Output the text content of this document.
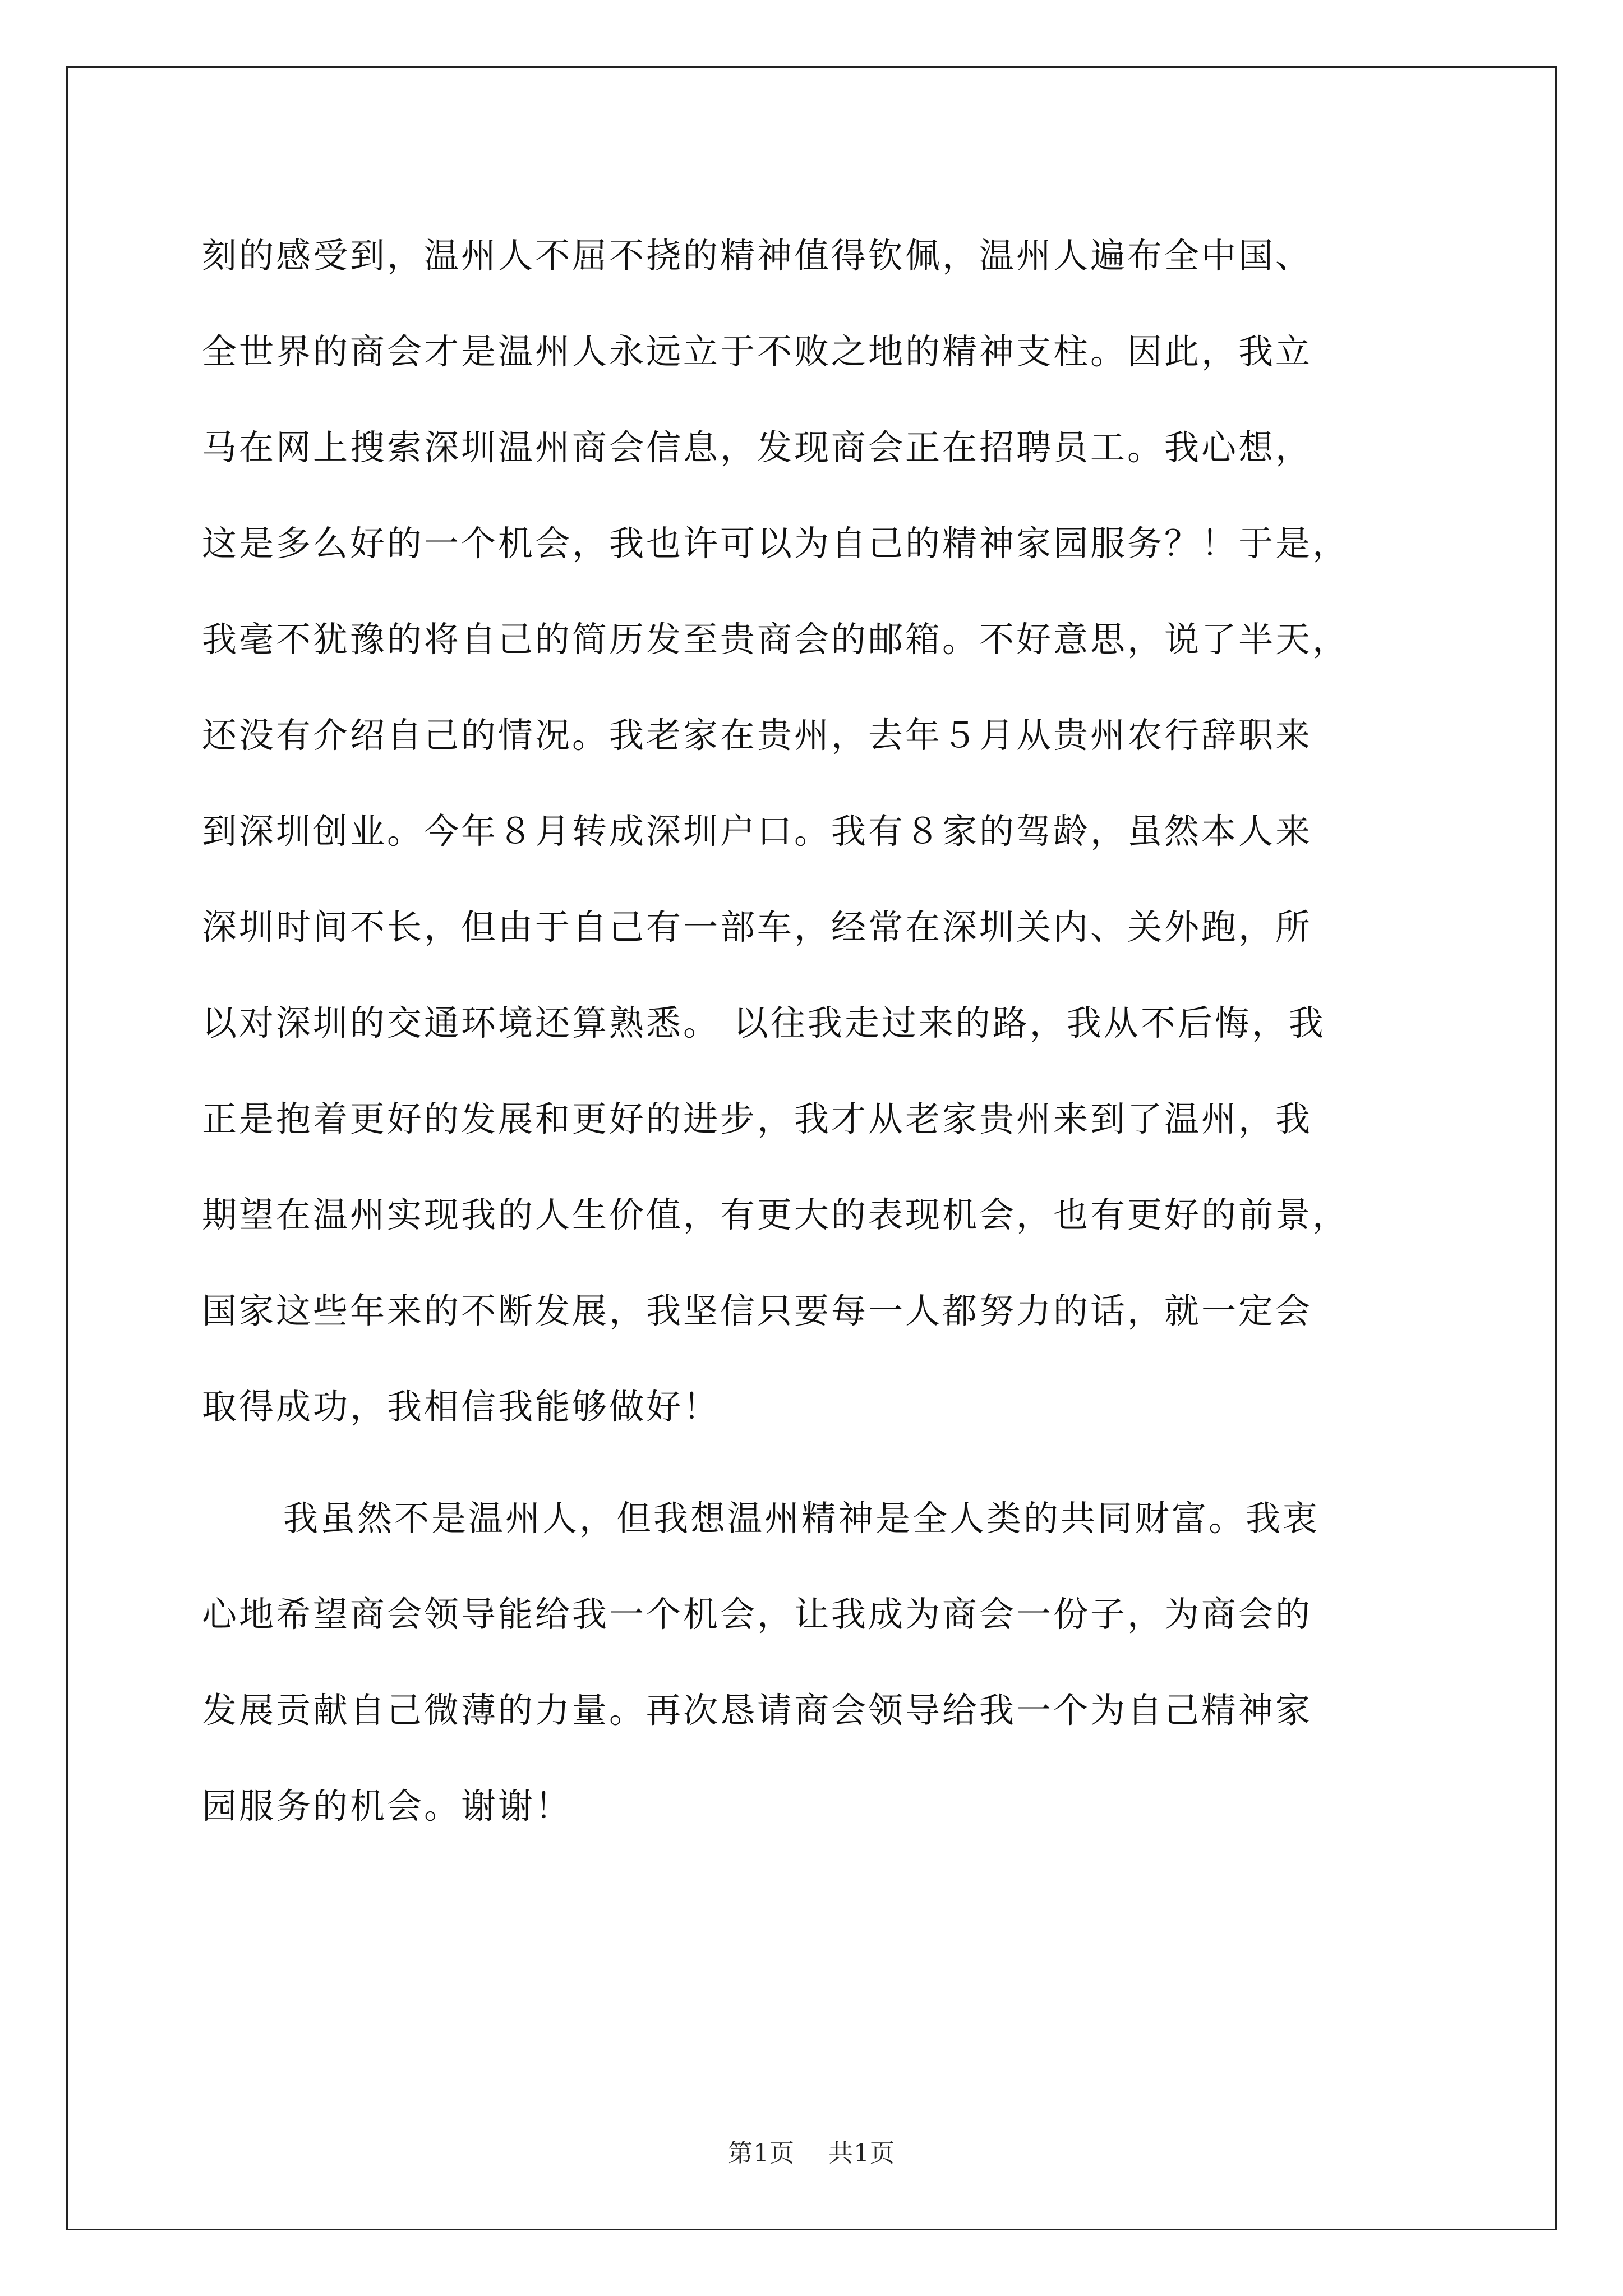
刻的感受到，温州人不屈不挠的精神值得钦佩，温州人遍布全中国、
全世界的商会才是温州人永远立于不败之地的精神支柱。因此，我立
马在网上搜索深圳温州商会信息，发现商会正在招聘员工。我心想，
这是多么好的一个机会，我也许可以为自己的精神家园服务？！于是，
我毫不犹豫的将自己的简历发至贵商会的邮箱。不好意思，说了半天，
还没有介绍自己的情况。我老家在贵州，去年５月从贵州农行辞职来
到深圳创业。今年８月转成深圳户口。我有８家的驾龄，虽然本人来
深圳时间不长，但由于自己有一部车，经常在深圳关内、关外跑，所
以对深圳的交通环境还算熟悉。 以往我走过来的路，我从不后悔，我
正是抱着更好的发展和更好的进步，我才从老家贵州来到了温州，我
期望在温州实现我的人生价值，有更大的表现机会，也有更好的前景，
国家这些年来的不断发展，我坚信只要每一人都努力的话，就一定会
取得成功，我相信我能够做好！
我虽然不是温州人，但我想温州精神是全人类的共同财富。我衷
心地希望商会领导能给我一个机会，让我成为商会一份子，为商会的
发展贡献自己微薄的力量。再次恳请商会领导给我一个为自己精神家
园服务的机会。谢谢！
第1页 共1页
